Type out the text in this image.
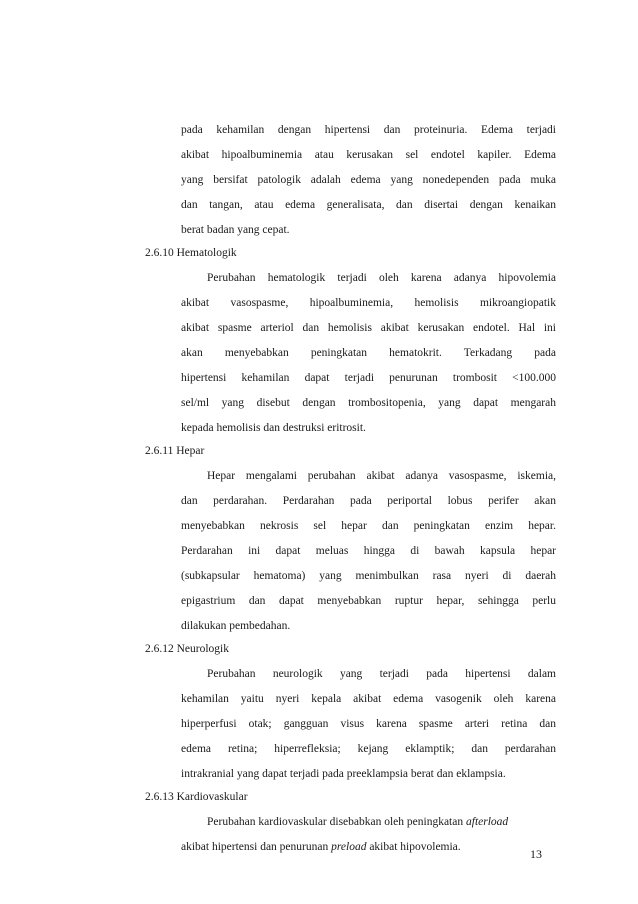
pada kehamilan dengan hipertensi dan proteinuria. Edema terjadi
akibat hipoalbuminemia atau kerusakan sel endotel kapiler. Edema
yang bersifat patologik adalah edema yang nonedependen pada muka
dan tangan, atau edema generalisata, dan disertai dengan kenaikan
berat badan yang cepat.
2.6.10 Hematologik
Perubahan hematologik terjadi oleh karena adanya hipovolemia
akibat vasospasme, hipoalbuminemia, hemolisis mikroangiopatik
akibat spasme arteriol dan hemolisis akibat kerusakan endotel. Hal ini
akan menyebabkan peningkatan hematokrit. Terkadang pada
hipertensi kehamilan dapat terjadi penurunan trombosit <100.000
sel/ml yang disebut dengan trombositopenia, yang dapat mengarah
kepada hemolisis dan destruksi eritrosit.
2.6.11 Hepar
Hepar mengalami perubahan akibat adanya vasospasme, iskemia,
dan perdarahan. Perdarahan pada periportal lobus perifer akan
menyebabkan nekrosis sel hepar dan peningkatan enzim hepar.
Perdarahan ini dapat meluas hingga di bawah kapsula hepar
(subkapsular hematoma) yang menimbulkan rasa nyeri di daerah
epigastrium dan dapat menyebabkan ruptur hepar, sehingga perlu
dilakukan pembedahan.
2.6.12 Neurologik
Perubahan neurologik yang terjadi pada hipertensi dalam
kehamilan yaitu nyeri kepala akibat edema vasogenik oleh karena
hiperperfusi otak; gangguan visus karena spasme arteri retina dan
edema retina; hiperrefleksia; kejang eklamptik; dan perdarahan
intrakranial yang dapat terjadi pada preeklampsia berat dan eklampsia.
2.6.13 Kardiovaskular
Perubahan kardiovaskular disebabkan oleh peningkatan afterload
akibat hipertensi dan penurunan preload akibat hipovolemia.	13
